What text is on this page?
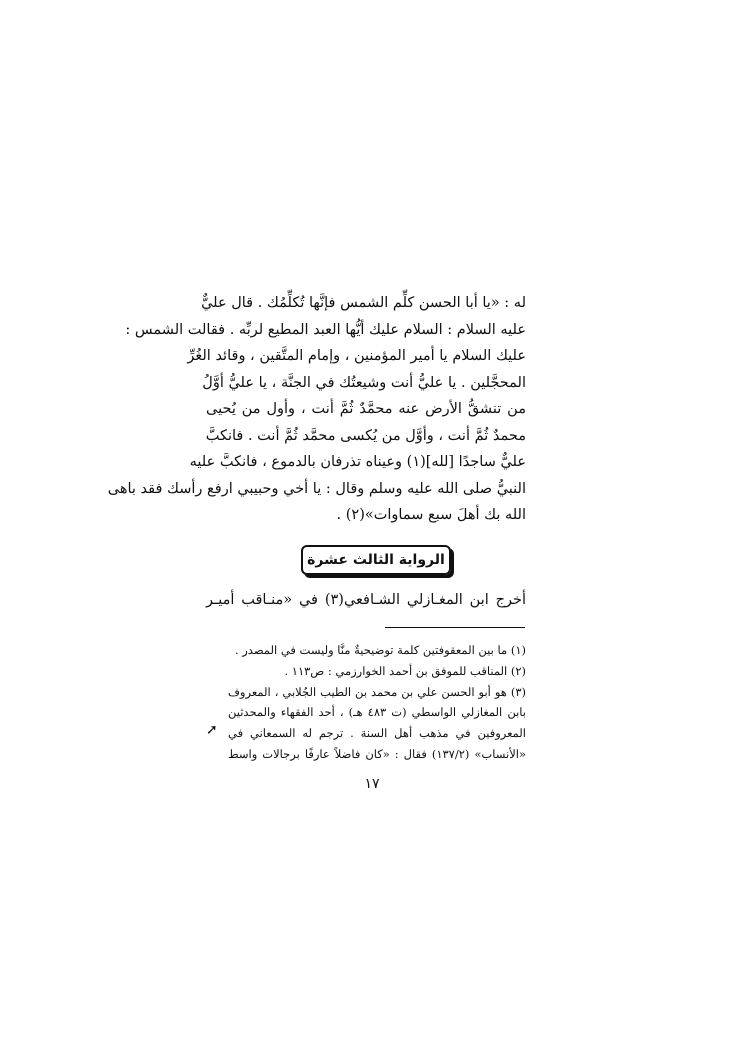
له : «يا أبا الحسن كلِّم الشمس فإنَّها تُكلِّمُك . قال عليٌّ
عليه السلام : السلام عليك أيُّها العبد المطيع لربِّه . فقالت الشمس :
عليك السلام يا أمير المؤمنين ، وإمام المتَّقين ، وقائد الغُرِّ
المحجَّلين . يا عليُّ أنت وشيعتُك في الجنَّة ، يا عليُّ أوَّلُ
من تنشقُّ الأرض عنه محمَّدٌ ثُمَّ أنت ، وأول من يُحيى
محمدٌ ثُمَّ أنت ، وأوَّل من يُكسى محمَّد ثُمَّ أنت . فانكبَّ
عليٌّ ساجدًا [لله](١) وعيناه تذرفان بالدموع ، فانكبَّ عليه
النبيُّ صلى الله عليه وسلم وقال : يا أخي وحبيبي ارفع رأسك فقد باهى
الله بك أهلَ سبع سماوات»(٢) .
الرواية الثالث عشرة
أخرج ابن المغـازلي الشـافعي(٣) في «منـاقب أميـر
(١) ما بين المعقوفتين كلمة توضيحيةٌ منَّا وليست في المصدر .
(٢) المناقب للموفق بن أحمد الخوارزمي : ص١١٣ .
(٣) هو أبو الحسن علي بن محمد بن الطيب الجُلابي ، المعروف
بابن المغازلي الواسطي (ت ٤٨٣ هـ) ، أحد الفقهاء والمحدثين
المعروفين في مذهب أهل السنة . ترجم له السمعاني في
«الأنساب» (١٣٧/٢) فقال : «كان فاضلاً عارفًا برجالات واسط
➚
١٧
